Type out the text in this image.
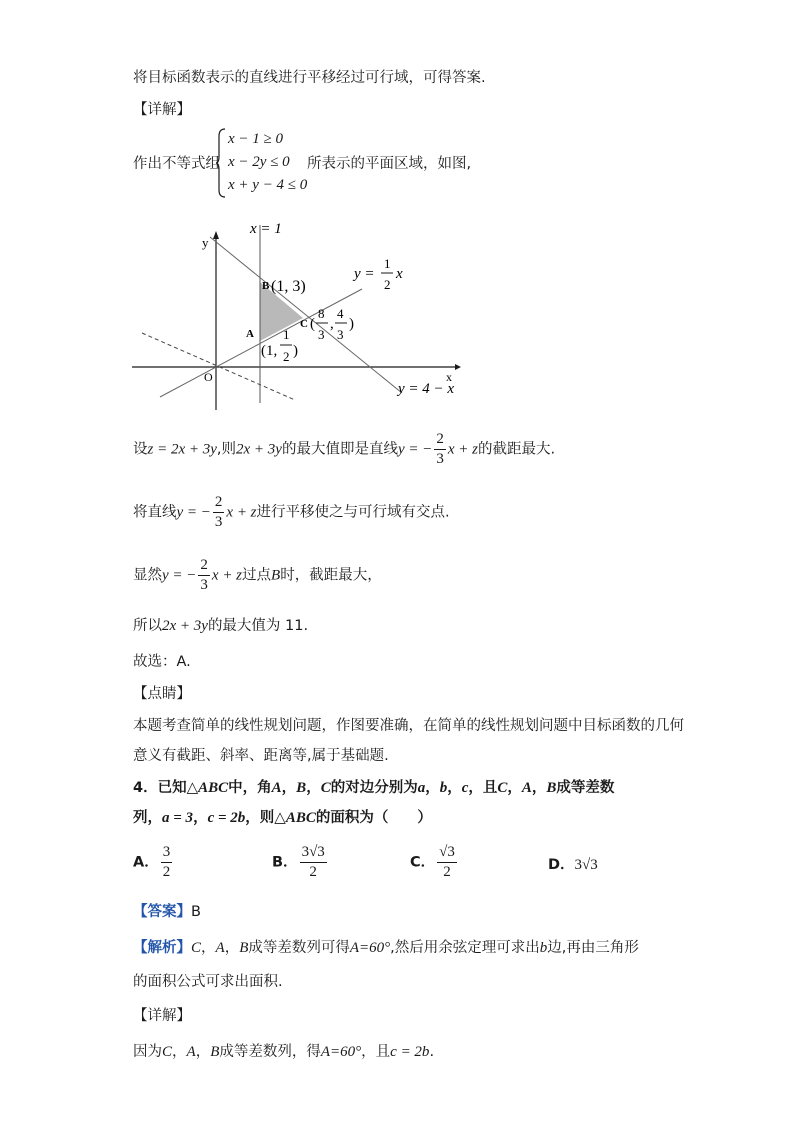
将目标函数表示的直线进行平移经过可行域，可得答案.
【详解】
作出不等式组
x − 1 ≥ 0
x − 2y ≤ 0
x + y − 4 ≤ 0
所表示的平面区域，如图,
y
x
O
x = 1
y =
1
2
x
y = 4 − x
B (1, 3)
A
(1,
1
2 )
C (
8
3
,
4
3
)
设z = 2x + 3y,则2x + 3y的最大值即是直线y = − $\frac{2}{3}$ x + z的截距最大.
将直线y = − $\frac{2}{3}$ x + z进行平移使之与可行域有交点.
显然y = − $\frac{2}{3}$ x + z过点B时，截距最大，
所以2x + 3y的最大值为 11.
故选：A.
【点睛】
本题考查简单的线性规划问题，作图要准确，在简单的线性规划问题中目标函数的几何
意义有截距、斜率、距离等,属于基础题.
4．已知△ABC中，角A，B，C的对边分别为a，b，c，且C，A，B成等差数
列，a = 3，c = 2b，则△ABC的面积为（　　）
A． $\frac{3}{2}$	B． $\frac{3√3}{2}$	C． $\frac{√3}{2}$	D．3√3
【答案】B
【解析】C，A，B成等差数列可得A=60°,然后用余弦定理可求出b边,再由三角形
的面积公式可求出面积.
【详解】
因为C，A，B成等差数列，得A=60°，且c = 2b.
